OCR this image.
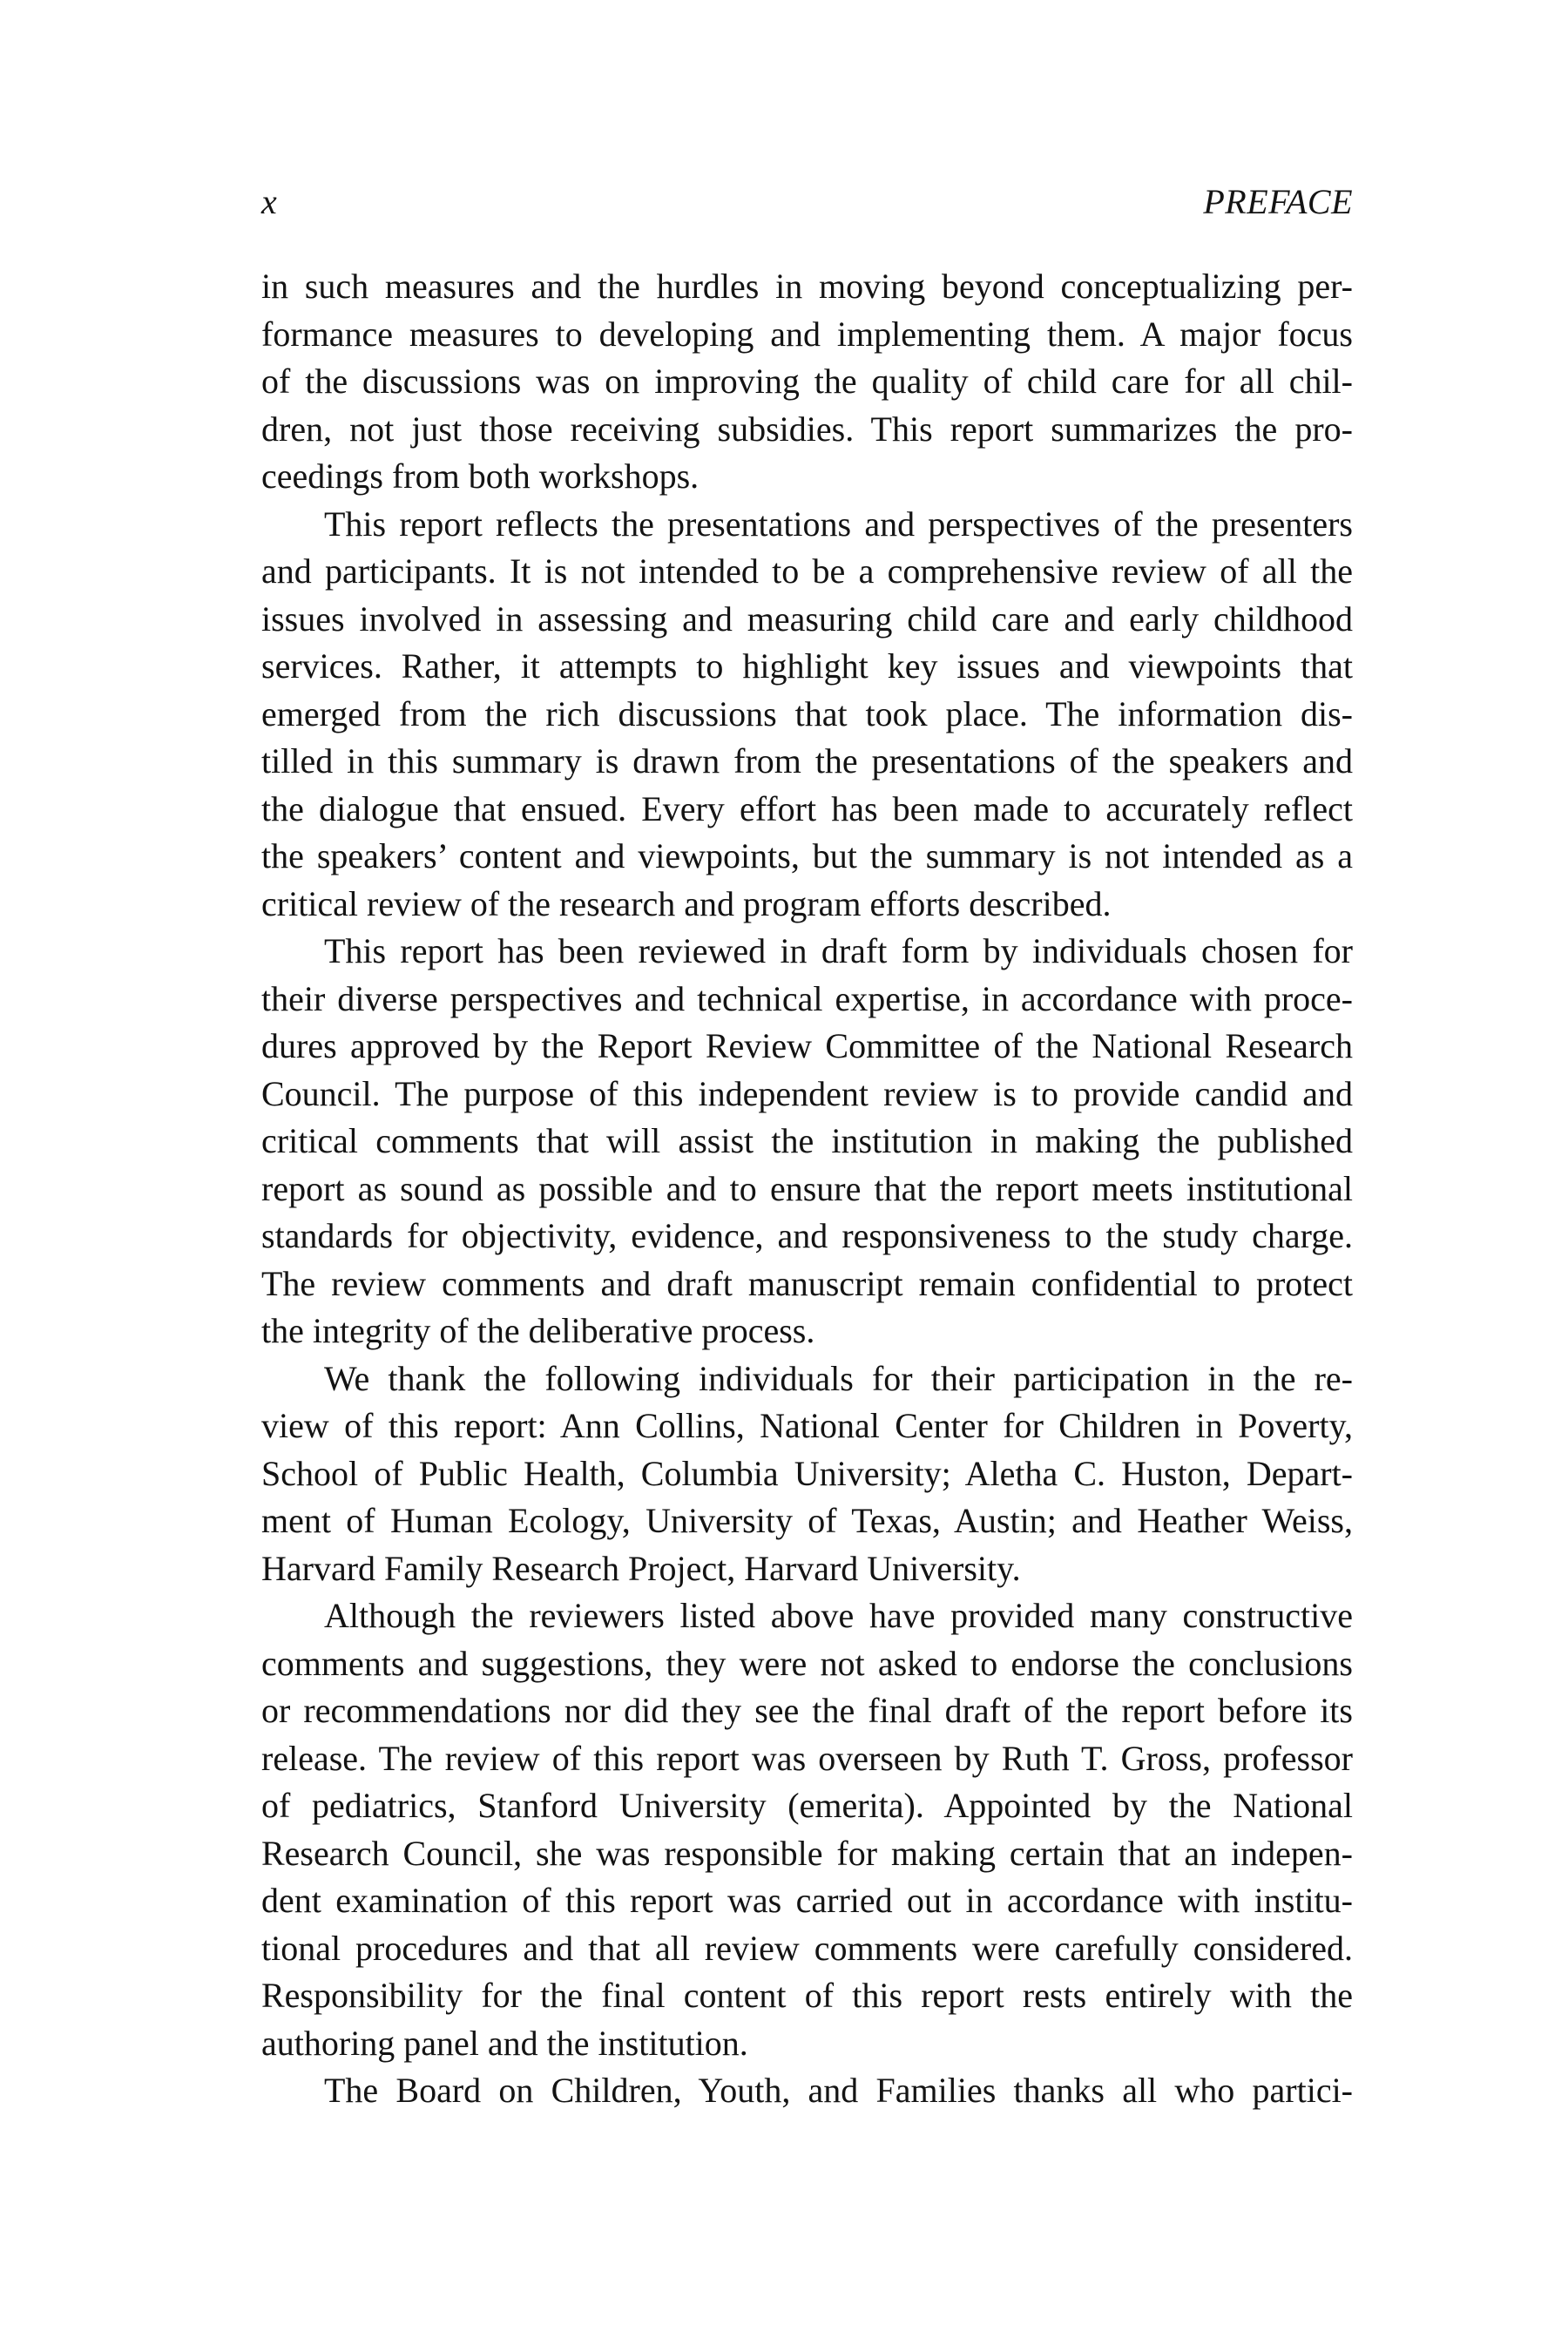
x	PREFACE
in such measures and the hurdles in moving beyond conceptualizing per-
formance measures to developing and implementing them. A major focus
of the discussions was on improving the quality of child care for all chil-
dren, not just those receiving subsidies. This report summarizes the pro-
ceedings from both workshops.
This report reflects the presentations and perspectives of the presenters
and participants. It is not intended to be a comprehensive review of all the
issues involved in assessing and measuring child care and early childhood
services. Rather, it attempts to highlight key issues and viewpoints that
emerged from the rich discussions that took place. The information dis-
tilled in this summary is drawn from the presentations of the speakers and
the dialogue that ensued. Every effort has been made to accurately reflect
the speakers’ content and viewpoints, but the summary is not intended as a
critical review of the research and program efforts described.
This report has been reviewed in draft form by individuals chosen for
their diverse perspectives and technical expertise, in accordance with proce-
dures approved by the Report Review Committee of the National Research
Council. The purpose of this independent review is to provide candid and
critical comments that will assist the institution in making the published
report as sound as possible and to ensure that the report meets institutional
standards for objectivity, evidence, and responsiveness to the study charge.
The review comments and draft manuscript remain confidential to protect
the integrity of the deliberative process.
We thank the following individuals for their participation in the re-
view of this report: Ann Collins, National Center for Children in Poverty,
School of Public Health, Columbia University; Aletha C. Huston, Depart-
ment of Human Ecology, University of Texas, Austin; and Heather Weiss,
Harvard Family Research Project, Harvard University.
Although the reviewers listed above have provided many constructive
comments and suggestions, they were not asked to endorse the conclusions
or recommendations nor did they see the final draft of the report before its
release. The review of this report was overseen by Ruth T. Gross, professor
of pediatrics, Stanford University (emerita). Appointed by the National
Research Council, she was responsible for making certain that an indepen-
dent examination of this report was carried out in accordance with institu-
tional procedures and that all review comments were carefully considered.
Responsibility for the final content of this report rests entirely with the
authoring panel and the institution.
The Board on Children, Youth, and Families thanks all who partici-
